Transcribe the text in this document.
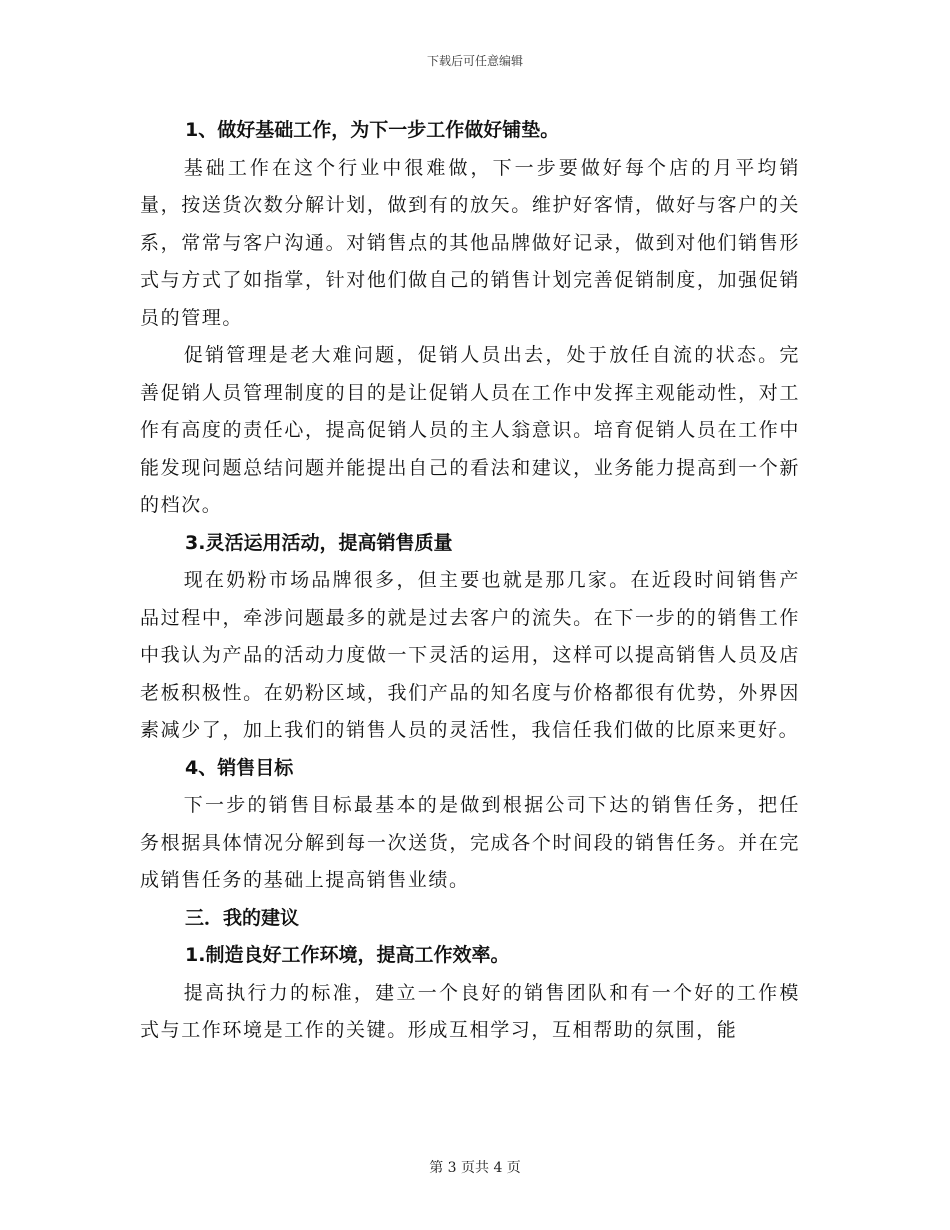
下载后可任意编辑
1、做好基础工作，为下一步工作做好铺垫。

基础工作在这个行业中很难做，下一步要做好每个店的月平均销量，按送货次数分解计划，做到有的放矢。维护好客情，做好与客户的关系，常常与客户沟通。对销售点的其他品牌做好记录，做到对他们销售形式与方式了如指掌，针对他们做自己的销售计划完善促销制度，加强促销员的管理。

促销管理是老大难问题，促销人员出去，处于放任自流的状态。完善促销人员管理制度的目的是让促销人员在工作中发挥主观能动性，对工作有高度的责任心，提高促销人员的主人翁意识。培育促销人员在工作中能发现问题总结问题并能提出自己的看法和建议，业务能力提高到一个新的档次。

3.灵活运用活动，提高销售质量

现在奶粉市场品牌很多，但主要也就是那几家。在近段时间销售产品过程中，牵涉问题最多的就是过去客户的流失。在下一步的的销售工作中我认为产品的活动力度做一下灵活的运用，这样可以提高销售人员及店老板积极性。在奶粉区域，我们产品的知名度与价格都很有优势，外界因素减少了，加上我们的销售人员的灵活性，我信任我们做的比原来更好。

4、销售目标

下一步的销售目标最基本的是做到根据公司下达的销售任务，把任务根据具体情况分解到每一次送货，完成各个时间段的销售任务。并在完成销售任务的基础上提高销售业绩。

三．我的建议
1.制造良好工作环境，提高工作效率。

提高执行力的标准，建立一个良好的销售团队和有一个好的工作模式与工作环境是工作的关键。形成互相学习，互相帮助的氛围，能

第 3 页共 4 页
